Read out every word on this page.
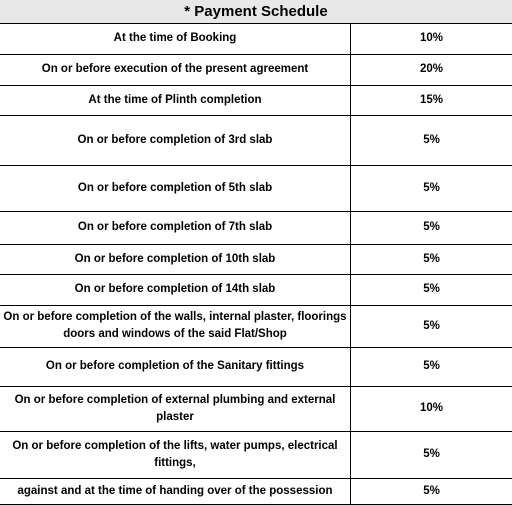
* Payment Schedule
At the time of Booking	10%
On or before execution of the present agreement	20%
At the time of Plinth completion	15%
On or before completion of 3rd slab	5%
On or before completion of 5th slab	5%
On or before completion of 7th slab	5%
On or before completion of 10th slab	5%
On or before completion of 14th slab	5%
On or before completion of the walls, internal plaster, floorings doors and windows of the said Flat/Shop	5%
On or before completion of the Sanitary fittings	5%
On or before completion of external plumbing and external plaster	10%
On or before completion of the lifts, water pumps, electrical fittings,	5%
against and at the time of handing over of the possession	5%
